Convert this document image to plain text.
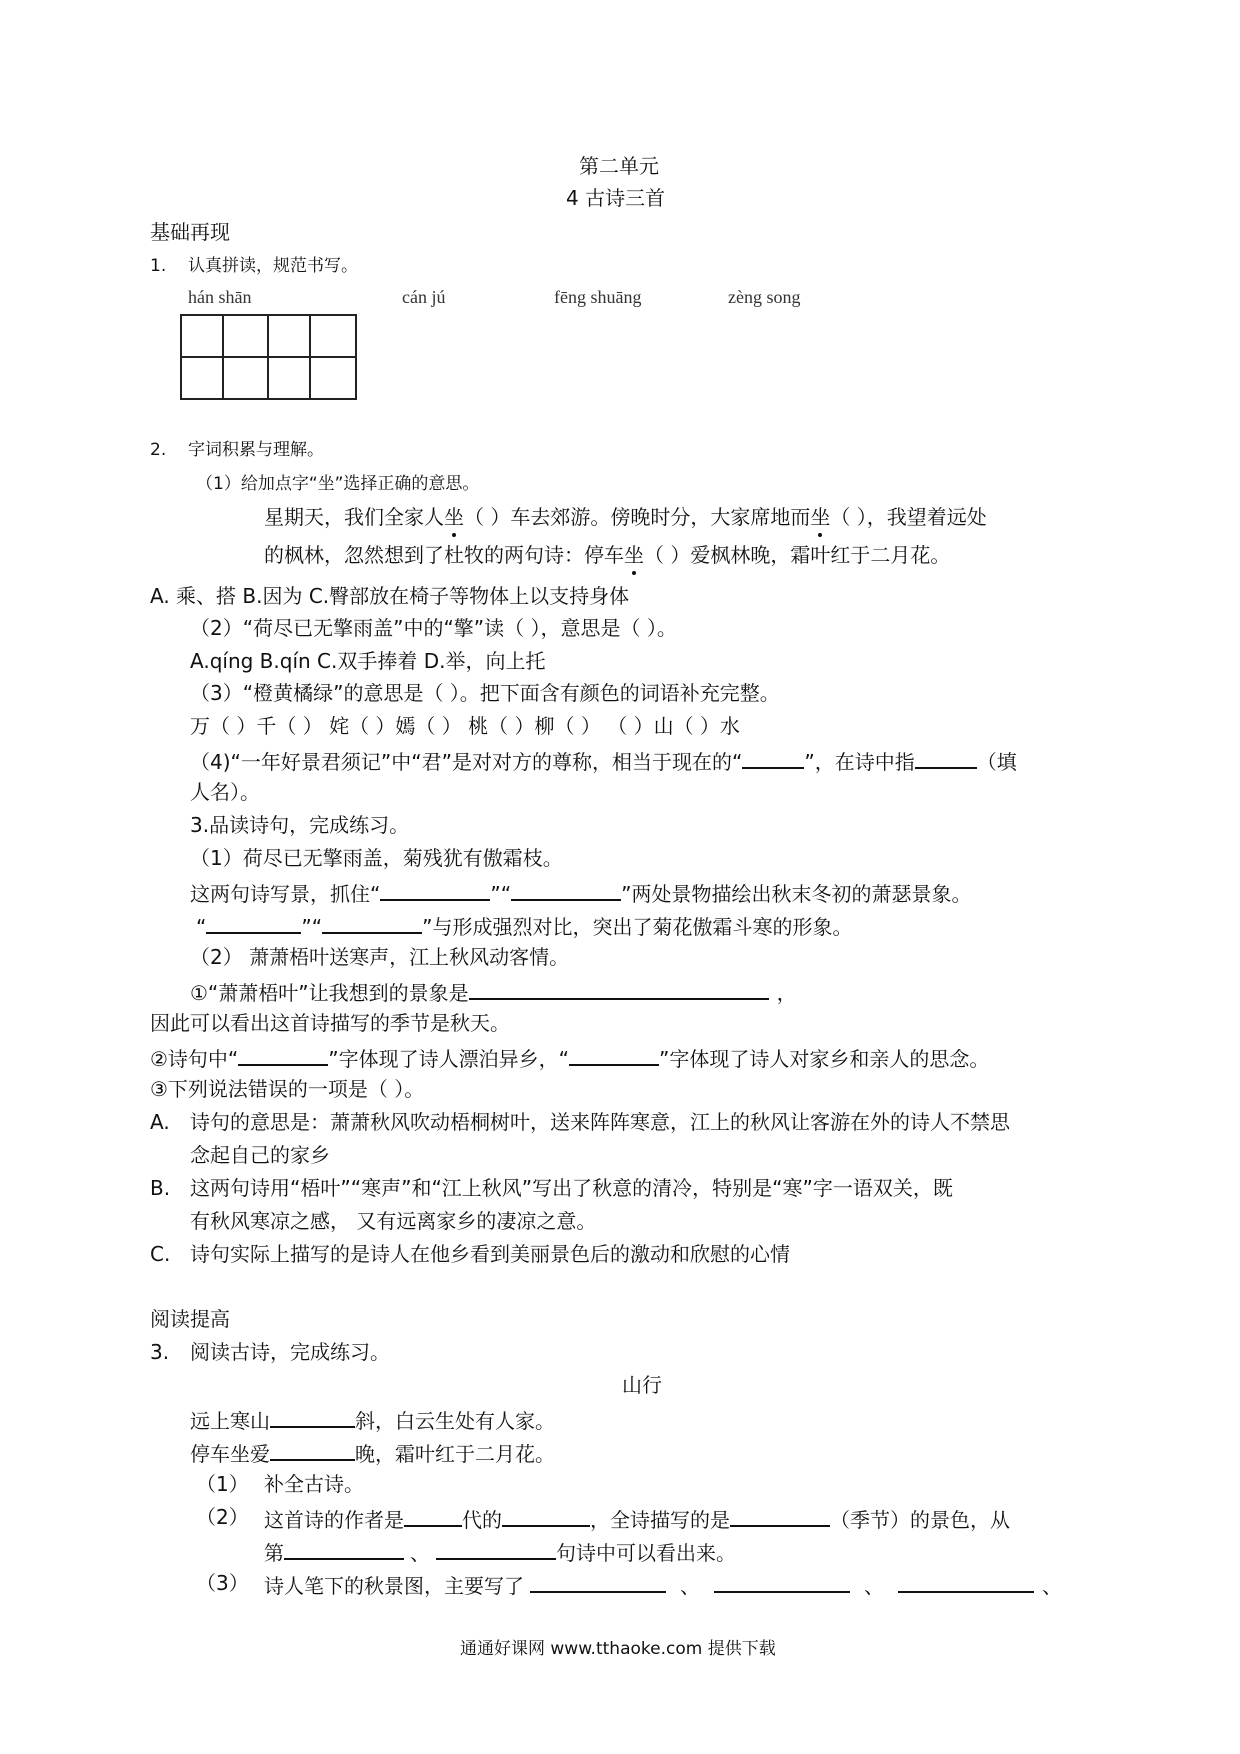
第二单元
4 古诗三首
基础再现
1. 认真拼读，规范书写。
hán shān	cán jú	fēng shuāng	zèng song
2. 字词积累与理解。
（1）给加点字“坐”选择正确的意思。
星期天，我们全家人坐（ ）车去郊游。傍晚时分，大家席地而坐（ ），我望着远处
的枫林，忽然想到了杜牧的两句诗：停车坐（ ）爱枫林晚，霜叶红于二月花。
A. 乘、搭 B.因为 C.臀部放在椅子等物体上以支持身体
（2）“荷尽已无擎雨盖”中的“擎”读（ ），意思是（ ）。
A.qíng B.qín C.双手捧着 D.举，向上托
（3）“橙黄橘绿”的意思是（ ）。把下面含有颜色的词语补充完整。
万（ ）千（ ） 姹（ ）嫣（ ） 桃（ ）柳（ ） （ ）山（ ）水
（4)“一年好景君须记”中“君”是对对方的尊称，相当于现在的“	”，在诗中指	（填
人名）。
3.品读诗句，完成练习。
（1）荷尽已无擎雨盖，菊残犹有傲霜枝。
这两句诗写景，抓住“	”“	”两处景物描绘出秋末冬初的萧瑟景象。
“	”“	”与形成强烈对比，突出了菊花傲霜斗寒的形象。
（2） 萧萧梧叶送寒声，江上秋风动客情。
①“萧萧梧叶”让我想到的景象是	，
因此可以看出这首诗描写的季节是秋天。
②诗句中“	”字体现了诗人漂泊异乡，“	”字体现了诗人对家乡和亲人的思念。
③下列说法错误的一项是（ ）。
A. 诗句的意思是：萧萧秋风吹动梧桐树叶，送来阵阵寒意，江上的秋风让客游在外的诗人不禁思
念起自己的家乡
B. 这两句诗用“梧叶”“寒声”和“江上秋风”写出了秋意的清冷，特别是“寒”字一语双关，既
有秋风寒凉之感， 又有远离家乡的凄凉之意。
C. 诗句实际上描写的是诗人在他乡看到美丽景色后的激动和欣慰的心情
阅读提高
3. 阅读古诗，完成练习。
山行
远上寒山	斜，白云生处有人家。
停车坐爱	晚，霜叶红于二月花。
（1） 补全古诗。
（2） 这首诗的作者是	代的	，全诗描写的是	（季节）的景色，从
第	、	句诗中可以看出来。
（3） 诗人笔下的秋景图，主要写了	、	、	、
通通好课网 www.tthaoke.com 提供下载
